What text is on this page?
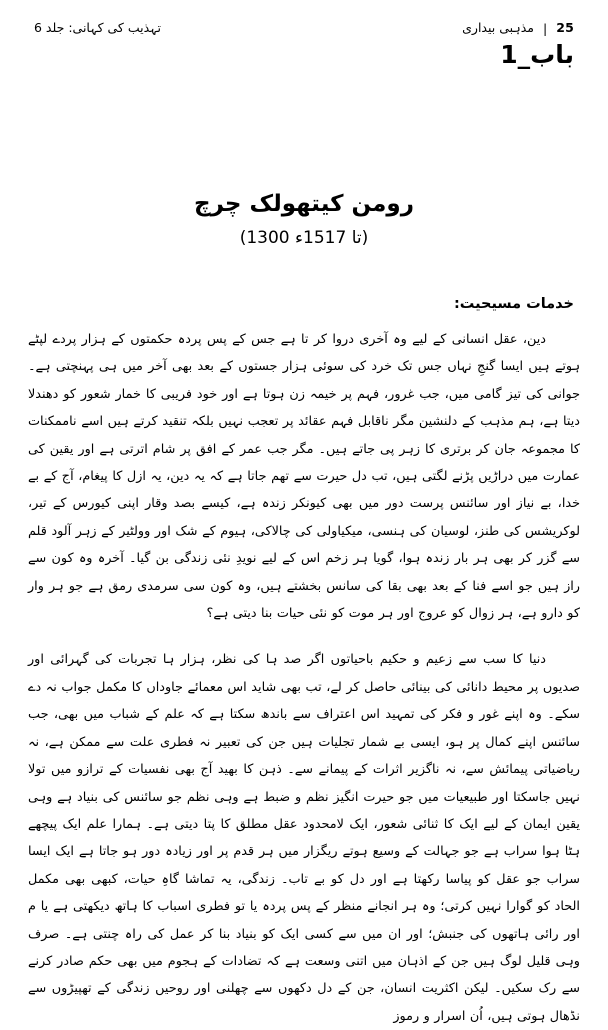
تہذیب کی کہانی: جلد 6	مذہبی بیداری | 25
باب_1
رومن کیتھولک چرچ

(1300 تا 1517ء)

خدمات مسیحیت:

دین، عقل انسانی کے لیے وہ آخری دروا کر تا ہے جس کے پس پردہ حکمتوں کے ہزار پردے لپٹے ہوتے ہیں ایسا گنجِ نہاں جس تک خرد کی سوئی ہزار جستوں کے بعد بھی آخر میں ہی پہنچتی ہے۔ جوانی کی تیز گامی میں، جب غرور، فہم پر خیمہ زن ہوتا ہے اور خود فریبی کا خمار شعور کو دھندلا دیتا ہے، ہم مذہب کے دلنشین مگر ناقابل فہم عقائد پر تعجب نہیں بلکہ تنقید کرتے ہیں اسے ناممکنات کا مجموعہ جان کر برتری کا زہر پی جاتے ہیں۔ مگر جب عمر کے افق پر شام اترتی ہے اور یقین کی عمارت میں دراڑیں پڑنے لگتی ہیں، تب دل حیرت سے تھم جاتا ہے کہ یہ دین، یہ ازل کا پیغام، آج کے بے خدا، بے نیاز اور سائنس پرست دور میں بھی کیونکر زندہ ہے، کیسے بصد وقار اپنی کیورس کے تیر، لوکریشس کی طنز، لوسیان کی ہنسی، میکیاولی کی چالاکی، ہیوم کے شک اور وولٹیر کے زہر آلود قلم سے گزر کر بھی ہر بار زندہ ہوا، گویا ہر زخم اس کے لیے نویدِ نئی زندگی بن گیا۔ آخرہ وہ کون سے راز ہیں جو اسے فنا کے بعد بھی بقا کی سانس بخشتے ہیں، وہ کون سی سرمدی رمق ہے جو ہر وار کو دارو ہے، ہر زوال کو عروج اور ہر موت کو نئی حیات بنا دیتی ہے؟

دنیا کا سب سے زعیم و حکیم باحیاتوں اگر صد ہا کی نظر، ہزار ہا تجربات کی گہرائی اور صدیوں پر محیط دانائی کی بینائی حاصل کر لے، تب بھی شاید اس معمائے جاوداں کا مکمل جواب نہ دے سکے۔ وہ اپنے غور و فکر کی تمہید اس اعتراف سے باندھ سکتا ہے کہ علم کے شباب میں بھی، جب سائنس اپنے کمال پر ہو، ایسی بے شمار تجلیات ہیں جن کی تعبیر نہ فطری علت سے ممکن ہے، نہ ریاضیاتی پیمائش سے، نہ ناگزیر اثرات کے پیمانے سے۔ ذہن کا بھید آج بھی نفسیات کے ترازو میں تولا نہیں جاسکتا اور طبیعیات میں جو حیرت انگیز نظم و ضبط ہے وہی نظم جو سائنس کی بنیاد ہے وہی یقین ایمان کے لیے ایک کا ثنائی شعور، ایک لامحدود عقل مطلق کا پتا دیتی ہے۔ ہمارا علم ایک پیچھے ہٹا ہوا سراب ہے جو جہالت کے وسیع ہوتے ریگزار میں ہر قدم پر اور زیادہ دور ہو جاتا ہے ایک ایسا سراب جو عقل کو پیاسا رکھتا ہے اور دل کو بے تاب۔ زندگی، یہ تماشا گاہِ حیات، کبھی بھی مکمل الحاد کو گوارا نہیں کرتی؛ وہ ہر انجانے منظر کے پس پردہ یا تو فطری اسباب کا ہاتھ دیکھتی ہے یا م اور رائی ہاتھوں کی جنبش؛ اور ان میں سے کسی ایک کو بنیاد بنا کر عمل کی راہ چنتی ہے۔ صرف وہی قلیل لوگ ہیں جن کے اذہان میں اتنی وسعت ہے کہ تضادات کے ہجوم میں بھی حکم صادر کرنے سے رک سکیں۔ لیکن اکثریت انسان، جن کے دل دکھوں سے چھلنی اور روحیں زندگی کے تھپیڑوں سے نڈھال ہوتی ہیں، اُن اسرار و رموز
